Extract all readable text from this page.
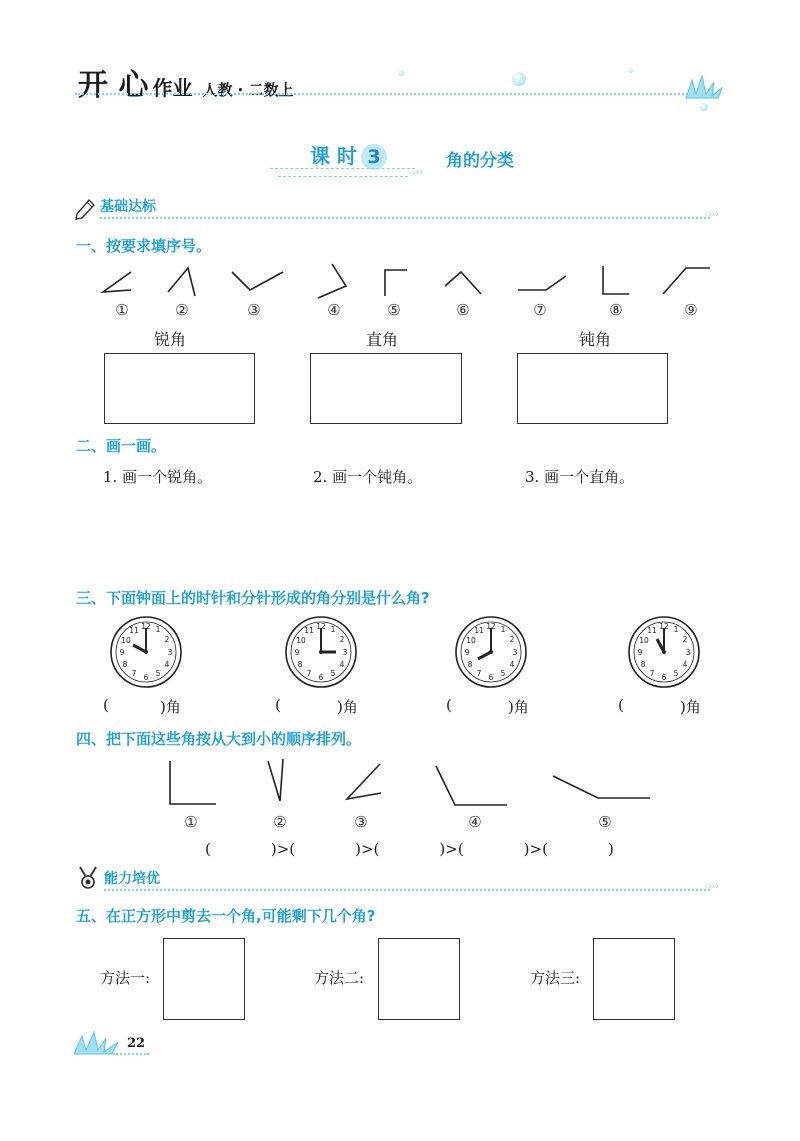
开 心 作业 人教 · 二数上
课 时 3	角的分类
›››
基础达标	›››
一、按要求填序号。
①	②	③	④	⑤	⑥	⑦	⑧	⑨
锐角	直角	钝角
二、画一画。
1. 画一个锐角。	2. 画一个钝角。	3. 画一个直角。
三、下面钟面上的时针和分针形成的角分别是什么角?
12 1
2
3
4
5
6
7
8
9
10
11	12 1
2
3
4
5
6
7
8
9
10
11	12 1
2
3
4
5
6
7
8
9
10
11	12 1
2
3
4
5
6
7
8
9
10
11
(	)角	(	)角	(	)角	(	)角
四、把下面这些角按从大到小的顺序排列。
①	②	③	④	⑤
(　　　　)>(　　　　)>(　　　　)>(　　　　)>(　　　　)
能力培优	›››
五、在正方形中剪去一个角,可能剩下几个角?
方法一:	方法二:	方法三:
22
